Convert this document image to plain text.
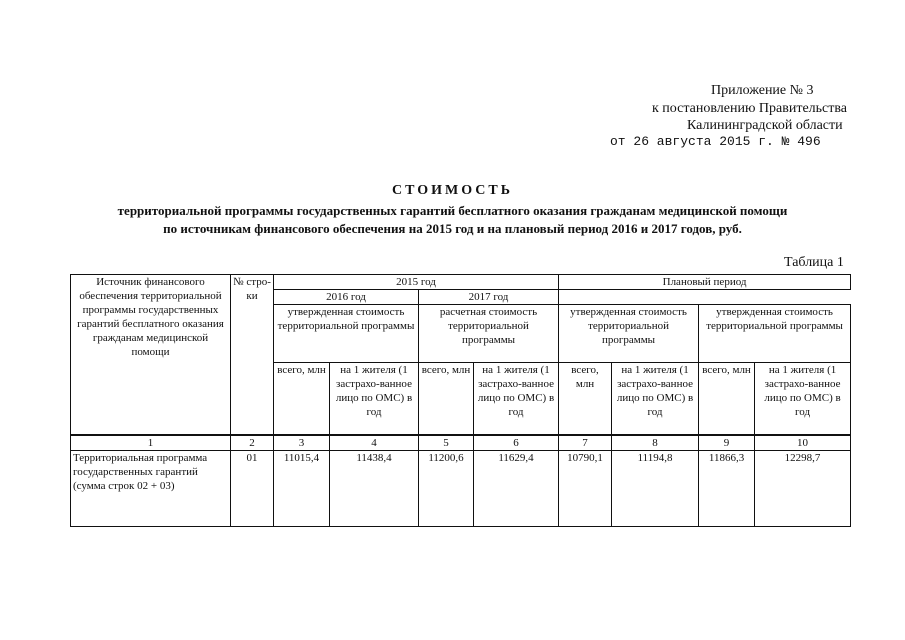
Приложение № 3
к постановлению Правительства
Калининградской области
от 26 августа 2015 г. № 496
СТОИМОСТЬ
территориальной программы государственных гарантий бесплатного оказания гражданам медицинской помощи
по источникам финансового обеспечения на 2015 год и на плановый период 2016 и 2017 годов, руб.
Таблица 1
Источник финансового обеспечения территориальной программы государственных гарантий бесплатного оказания гражданам медицинской помощи	№ стро-ки	2015 год				Плановый период			
		2016 год		2017 год					
		утвержденная стоимость территориальной программы		расчетная стоимость территориальной программы		утвержденная стоимость территориальной программы		утвержденная стоимость территориальной программы	
		всего, млн	на 1 жителя (1 застрахо-ванное лицо по ОМС) в год	всего, млн	на 1 жителя (1 застрахо-ванное лицо по ОМС) в год	всего, млн	на 1 жителя (1 застрахо-ванное лицо по ОМС) в год	всего, млн	на 1 жителя (1 застрахо-ванное лицо по ОМС) в год
1	2	3	4	5	6	7	8	9	10
Территориальная программа государственных гарантий (сумма строк 02 + 03)	01	11015,4	11438,4	11200,6	11629,4	10790,1	11194,8	11866,3	12298,7
